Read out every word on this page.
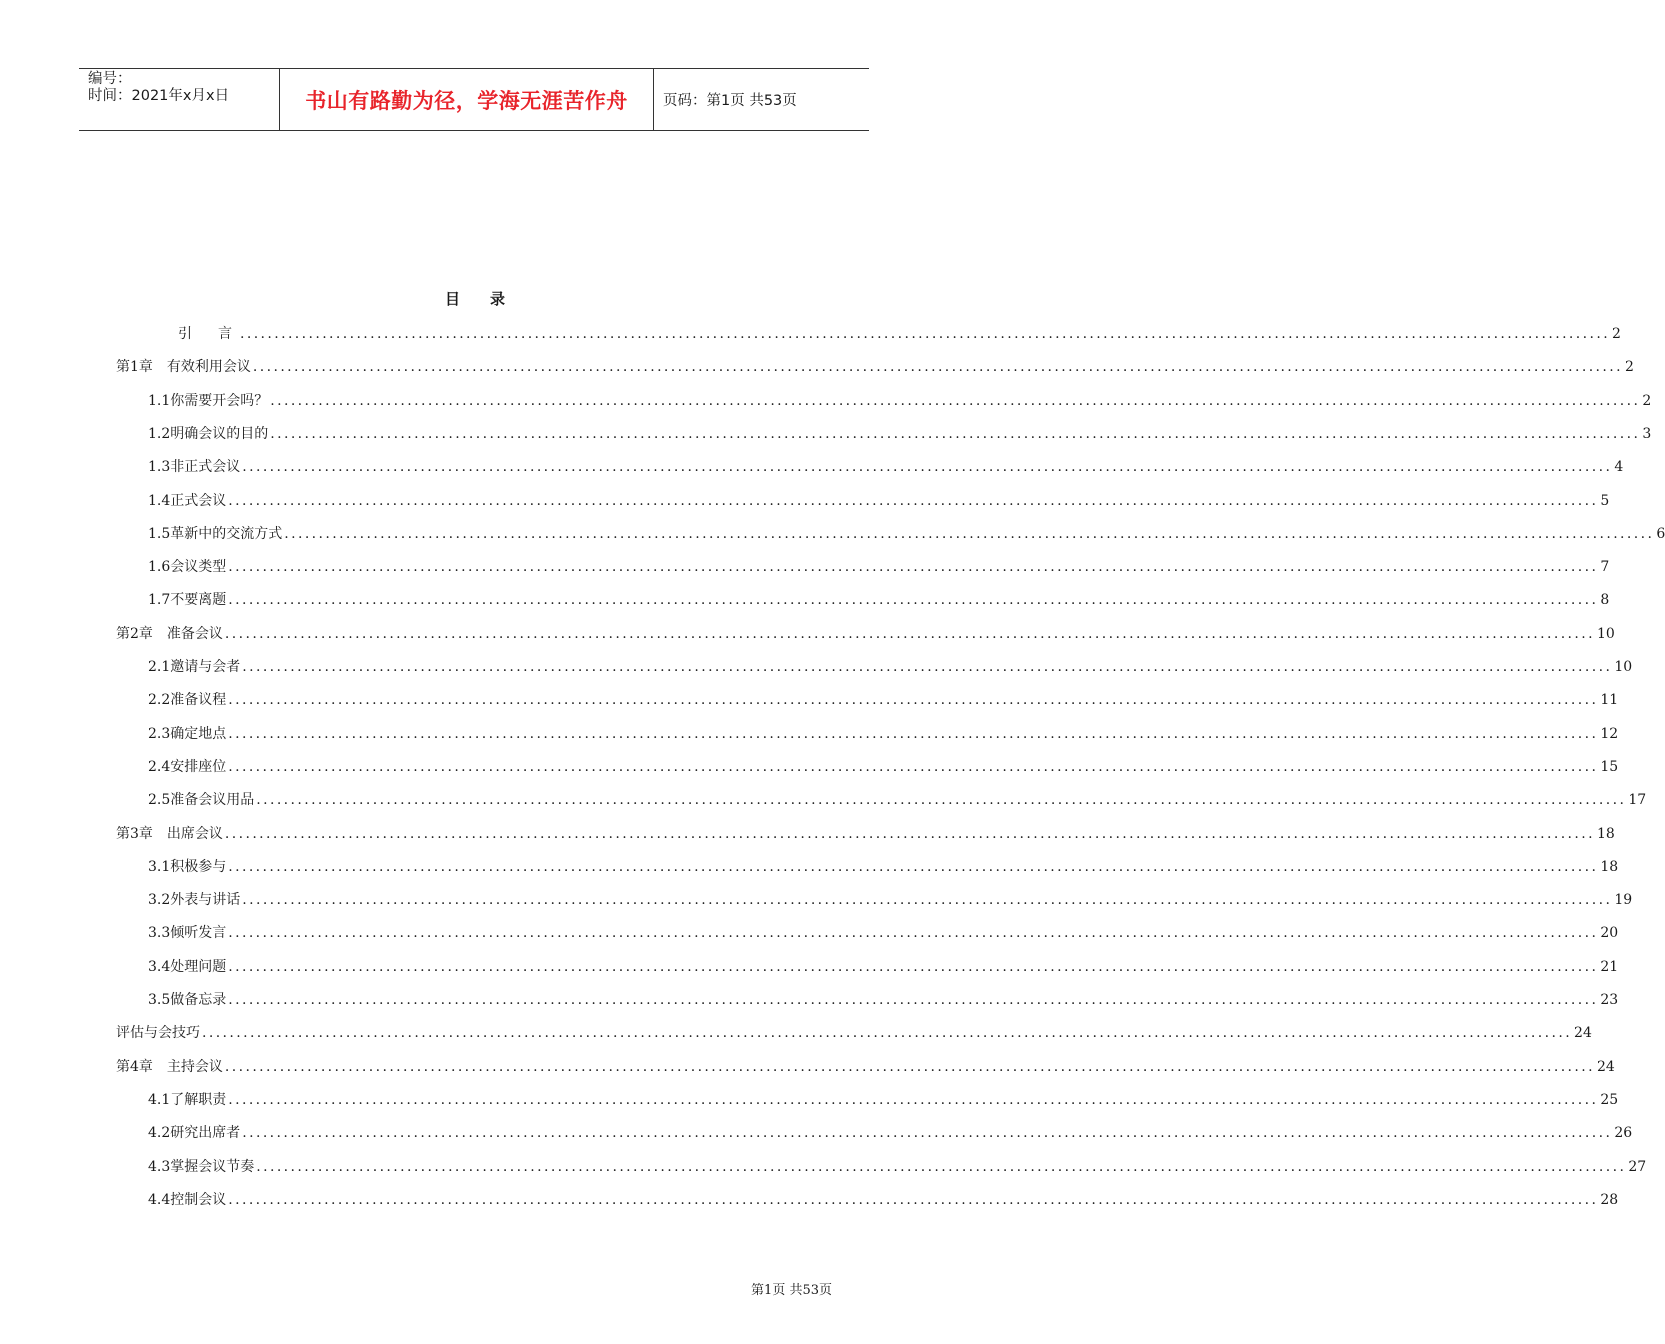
编号：
时间：2021年x月x日	书山有路勤为径，学海无涯苦作舟 页码：第1页 共53页
目录
引　言 ........................................................................................................................................................................................................ 2
第1章　有效利用会议 ........................................................................................................................................................................................................ 2
1.1你需要开会吗？ ........................................................................................................................................................................................................ 2
1.2明确会议的目的 ........................................................................................................................................................................................................ 3
1.3非正式会议 ........................................................................................................................................................................................................ 4
1.4正式会议 ........................................................................................................................................................................................................ 5
1.5革新中的交流方式 ........................................................................................................................................................................................................ 6
1.6会议类型 ........................................................................................................................................................................................................ 7
1.7不要离题 ........................................................................................................................................................................................................ 8
第2章　准备会议 ........................................................................................................................................................................................................ 10
2.1邀请与会者 ........................................................................................................................................................................................................ 10
2.2准备议程 ........................................................................................................................................................................................................ 11
2.3确定地点 ........................................................................................................................................................................................................ 12
2.4安排座位 ........................................................................................................................................................................................................ 15
2.5准备会议用品 ........................................................................................................................................................................................................ 17
第3章　出席会议 ........................................................................................................................................................................................................ 18
3.1积极参与 ........................................................................................................................................................................................................ 18
3.2外表与讲话 ........................................................................................................................................................................................................ 19
3.3倾听发言 ........................................................................................................................................................................................................ 20
3.4处理问题 ........................................................................................................................................................................................................ 21
3.5做备忘录 ........................................................................................................................................................................................................ 23
评估与会技巧 ........................................................................................................................................................................................................ 24
第4章　主持会议 ........................................................................................................................................................................................................ 24
4.1了解职责 ........................................................................................................................................................................................................ 25
4.2研究出席者 ........................................................................................................................................................................................................ 26
4.3掌握会议节奏 ........................................................................................................................................................................................................ 27
4.4控制会议 ........................................................................................................................................................................................................ 28
第1页 共53页
